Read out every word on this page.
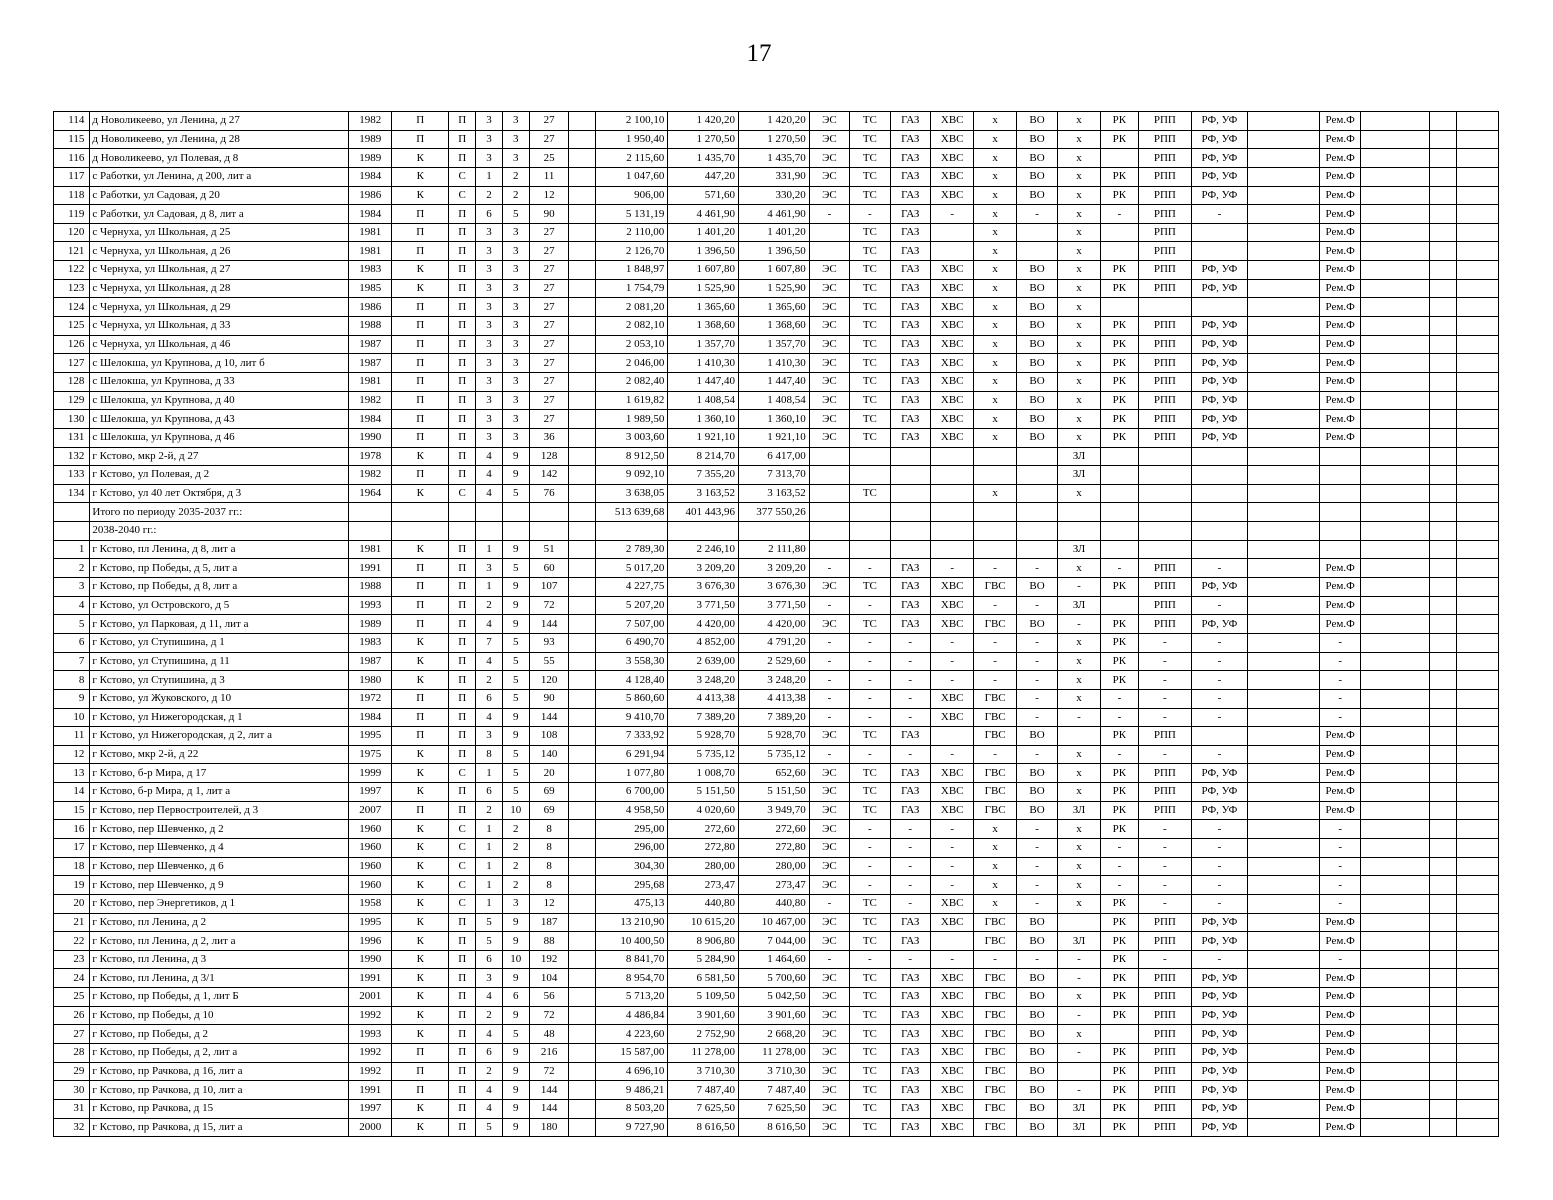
17
114	д Новоликеево, ул Ленина, д 27	1982	П	П	3	3	27		2 100,10	1 420,20	1 420,20	ЭС	ТС	ГАЗ	ХВС	х	ВО	х	РК	РПП	РФ, УФ		Рем.Ф			
115	д Новоликеево, ул Ленина, д 28	1989	П	П	3	3	27		1 950,40	1 270,50	1 270,50	ЭС	ТС	ГАЗ	ХВС	х	ВО	х	РК	РПП	РФ, УФ		Рем.Ф			
116	д Новоликеево, ул Полевая, д 8	1989	К	П	3	3	25		2 115,60	1 435,70	1 435,70	ЭС	ТС	ГАЗ	ХВС	х	ВО	х		РПП	РФ, УФ		Рем.Ф			
117	с Работки, ул Ленина, д 200, лит а	1984	К	С	1	2	11		1 047,60	447,20	331,90	ЭС	ТС	ГАЗ	ХВС	х	ВО	х	РК	РПП	РФ, УФ		Рем.Ф			
118	с Работки, ул Садовая, д 20	1986	К	С	2	2	12		906,00	571,60	330,20	ЭС	ТС	ГАЗ	ХВС	х	ВО	х	РК	РПП	РФ, УФ		Рем.Ф			
119	с Работки, ул Садовая, д 8, лит а	1984	П	П	6	5	90		5 131,19	4 461,90	4 461,90	-	-	ГАЗ	-	х	-	х	-	РПП	-		Рем.Ф			
120	с Чернуха, ул Школьная, д 25	1981	П	П	3	3	27		2 110,00	1 401,20	1 401,20		ТС	ГАЗ		х		х		РПП			Рем.Ф			
121	с Чернуха, ул Школьная, д 26	1981	П	П	3	3	27		2 126,70	1 396,50	1 396,50		ТС	ГАЗ		х		х		РПП			Рем.Ф			
122	с Чернуха, ул Школьная, д 27	1983	К	П	3	3	27		1 848,97	1 607,80	1 607,80	ЭС	ТС	ГАЗ	ХВС	х	ВО	х	РК	РПП	РФ, УФ		Рем.Ф			
123	с Чернуха, ул Школьная, д 28	1985	К	П	3	3	27		1 754,79	1 525,90	1 525,90	ЭС	ТС	ГАЗ	ХВС	х	ВО	х	РК	РПП	РФ, УФ		Рем.Ф			
124	с Чернуха, ул Школьная, д 29	1986	П	П	3	3	27		2 081,20	1 365,60	1 365,60	ЭС	ТС	ГАЗ	ХВС	х	ВО	х					Рем.Ф			
125	с Чернуха, ул Школьная, д 33	1988	П	П	3	3	27		2 082,10	1 368,60	1 368,60	ЭС	ТС	ГАЗ	ХВС	х	ВО	х	РК	РПП	РФ, УФ		Рем.Ф			
126	с Чернуха, ул Школьная, д 46	1987	П	П	3	3	27		2 053,10	1 357,70	1 357,70	ЭС	ТС	ГАЗ	ХВС	х	ВО	х	РК	РПП	РФ, УФ		Рем.Ф			
127	с Шелокша, ул Крупнова, д 10, лит б	1987	П	П	3	3	27		2 046,00	1 410,30	1 410,30	ЭС	ТС	ГАЗ	ХВС	х	ВО	х	РК	РПП	РФ, УФ		Рем.Ф			
128	с Шелокша, ул Крупнова, д 33	1981	П	П	3	3	27		2 082,40	1 447,40	1 447,40	ЭС	ТС	ГАЗ	ХВС	х	ВО	х	РК	РПП	РФ, УФ		Рем.Ф			
129	с Шелокша, ул Крупнова, д 40	1982	П	П	3	3	27		1 619,82	1 408,54	1 408,54	ЭС	ТС	ГАЗ	ХВС	х	ВО	х	РК	РПП	РФ, УФ		Рем.Ф			
130	с Шелокша, ул Крупнова, д 43	1984	П	П	3	3	27		1 989,50	1 360,10	1 360,10	ЭС	ТС	ГАЗ	ХВС	х	ВО	х	РК	РПП	РФ, УФ		Рем.Ф			
131	с Шелокша, ул Крупнова, д 46	1990	П	П	3	3	36		3 003,60	1 921,10	1 921,10	ЭС	ТС	ГАЗ	ХВС	х	ВО	х	РК	РПП	РФ, УФ		Рем.Ф			
132	г Кстово, мкр 2-й, д 27	1978	К	П	4	9	128		8 912,50	8 214,70	6 417,00							ЗЛ								
133	г Кстово, ул Полевая, д 2	1982	П	П	4	9	142		9 092,10	7 355,20	7 313,70							ЗЛ								
134	г Кстово, ул 40 лет Октября, д 3	1964	К	С	4	5	76		3 638,05	3 163,52	3 163,52		ТС			х		х								
	Итого по периоду 2035-2037 гг.:								513 639,68	401 443,96	377 550,26															
	2038-2040 гг.:																									
1	г Кстово, пл Ленина, д 8, лит а	1981	К	П	1	9	51		2 789,30	2 246,10	2 111,80							ЗЛ								
2	г Кстово, пр Победы, д 5, лит а	1991	П	П	3	5	60		5 017,20	3 209,20	3 209,20	-	-	ГАЗ	-	-	-	х	-	РПП	-		Рем.Ф			
3	г Кстово, пр Победы, д 8, лит а	1988	П	П	1	9	107		4 227,75	3 676,30	3 676,30	ЭС	ТС	ГАЗ	ХВС	ГВС	ВО	-	РК	РПП	РФ, УФ		Рем.Ф			
4	г Кстово, ул Островского, д 5	1993	П	П	2	9	72		5 207,20	3 771,50	3 771,50	-	-	ГАЗ	ХВС	-	-	ЗЛ		РПП	-		Рем.Ф			
5	г Кстово, ул Парковая, д 11, лит а	1989	П	П	4	9	144		7 507,00	4 420,00	4 420,00	ЭС	ТС	ГАЗ	ХВС	ГВС	ВО	-	РК	РПП	РФ, УФ		Рем.Ф			
6	г Кстово, ул Ступишина, д 1	1983	К	П	7	5	93		6 490,70	4 852,00	4 791,20	-	-	-	-	-	-	х	РК	-	-		-			
7	г Кстово, ул Ступишина, д 11	1987	К	П	4	5	55		3 558,30	2 639,00	2 529,60	-	-	-	-	-	-	х	РК	-	-		-			
8	г Кстово, ул Ступишина, д 3	1980	К	П	2	5	120		4 128,40	3 248,20	3 248,20	-	-	-	-	-	-	х	РК	-	-		-			
9	г Кстово, ул Жуковского, д 10	1972	П	П	6	5	90		5 860,60	4 413,38	4 413,38	-	-	-	ХВС	ГВС	-	х	-	-	-		-			
10	г Кстово, ул Нижегородская, д 1	1984	П	П	4	9	144		9 410,70	7 389,20	7 389,20	-	-	-	ХВС	ГВС	-	-	-	-	-		-			
11	г Кстово, ул Нижегородская, д 2, лит а	1995	П	П	3	9	108		7 333,92	5 928,70	5 928,70	ЭС	ТС	ГАЗ		ГВС	ВО		РК	РПП			Рем.Ф			
12	г Кстово, мкр 2-й, д 22	1975	К	П	8	5	140		6 291,94	5 735,12	5 735,12	-	-	-	-	-	-	х	-	-	-		Рем.Ф			
13	г Кстово, б-р Мира, д 17	1999	К	С	1	5	20		1 077,80	1 008,70	652,60	ЭС	ТС	ГАЗ	ХВС	ГВС	ВО	х	РК	РПП	РФ, УФ		Рем.Ф			
14	г Кстово, б-р Мира, д 1, лит а	1997	К	П	6	5	69		6 700,00	5 151,50	5 151,50	ЭС	ТС	ГАЗ	ХВС	ГВС	ВО	х	РК	РПП	РФ, УФ		Рем.Ф			
15	г Кстово, пер Первостроителей, д 3	2007	П	П	2	10	69		4 958,50	4 020,60	3 949,70	ЭС	ТС	ГАЗ	ХВС	ГВС	ВО	ЗЛ	РК	РПП	РФ, УФ		Рем.Ф			
16	г Кстово, пер Шевченко, д 2	1960	К	С	1	2	8		295,00	272,60	272,60	ЭС	-	-	-	х	-	х	РК	-	-		-			
17	г Кстово, пер Шевченко, д 4	1960	К	С	1	2	8		296,00	272,80	272,80	ЭС	-	-	-	х	-	х	-	-	-		-			
18	г Кстово, пер Шевченко, д 6	1960	К	С	1	2	8		304,30	280,00	280,00	ЭС	-	-	-	х	-	х	-	-	-		-			
19	г Кстово, пер Шевченко, д 9	1960	К	С	1	2	8		295,68	273,47	273,47	ЭС	-	-	-	х	-	х	-	-	-		-			
20	г Кстово, пер Энергетиков, д 1	1958	К	С	1	3	12		475,13	440,80	440,80	-	ТС	-	ХВС	х	-	х	РК	-	-		-			
21	г Кстово, пл Ленина, д 2	1995	К	П	5	9	187		13 210,90	10 615,20	10 467,00	ЭС	ТС	ГАЗ	ХВС	ГВС	ВО		РК	РПП	РФ, УФ		Рем.Ф			
22	г Кстово, пл Ленина, д 2, лит а	1996	К	П	5	9	88		10 400,50	8 906,80	7 044,00	ЭС	ТС	ГАЗ		ГВС	ВО	ЗЛ	РК	РПП	РФ, УФ		Рем.Ф			
23	г Кстово, пл Ленина, д 3	1990	К	П	6	10	192		8 841,70	5 284,90	1 464,60	-	-	-	-	-	-	-	РК	-	-		-			
24	г Кстово, пл Ленина, д 3/1	1991	К	П	3	9	104		8 954,70	6 581,50	5 700,60	ЭС	ТС	ГАЗ	ХВС	ГВС	ВО	-	РК	РПП	РФ, УФ		Рем.Ф			
25	г Кстово, пр Победы, д 1, лит Б	2001	К	П	4	6	56		5 713,20	5 109,50	5 042,50	ЭС	ТС	ГАЗ	ХВС	ГВС	ВО	х	РК	РПП	РФ, УФ		Рем.Ф			
26	г Кстово, пр Победы, д 10	1992	К	П	2	9	72		4 486,84	3 901,60	3 901,60	ЭС	ТС	ГАЗ	ХВС	ГВС	ВО	-	РК	РПП	РФ, УФ		Рем.Ф			
27	г Кстово, пр Победы, д 2	1993	К	П	4	5	48		4 223,60	2 752,90	2 668,20	ЭС	ТС	ГАЗ	ХВС	ГВС	ВО	х		РПП	РФ, УФ		Рем.Ф			
28	г Кстово, пр Победы, д 2, лит а	1992	П	П	6	9	216		15 587,00	11 278,00	11 278,00	ЭС	ТС	ГАЗ	ХВС	ГВС	ВО	-	РК	РПП	РФ, УФ		Рем.Ф			
29	г Кстово, пр Рачкова, д 16, лит а	1992	П	П	2	9	72		4 696,10	3 710,30	3 710,30	ЭС	ТС	ГАЗ	ХВС	ГВС	ВО		РК	РПП	РФ, УФ		Рем.Ф			
30	г Кстово, пр Рачкова, д 10, лит а	1991	П	П	4	9	144		9 486,21	7 487,40	7 487,40	ЭС	ТС	ГАЗ	ХВС	ГВС	ВО	-	РК	РПП	РФ, УФ		Рем.Ф			
31	г Кстово, пр Рачкова, д 15	1997	К	П	4	9	144		8 503,20	7 625,50	7 625,50	ЭС	ТС	ГАЗ	ХВС	ГВС	ВО	ЗЛ	РК	РПП	РФ, УФ		Рем.Ф			
32	г Кстово, пр Рачкова, д 15, лит а	2000	К	П	5	9	180		9 727,90	8 616,50	8 616,50	ЭС	ТС	ГАЗ	ХВС	ГВС	ВО	ЗЛ	РК	РПП	РФ, УФ		Рем.Ф			
